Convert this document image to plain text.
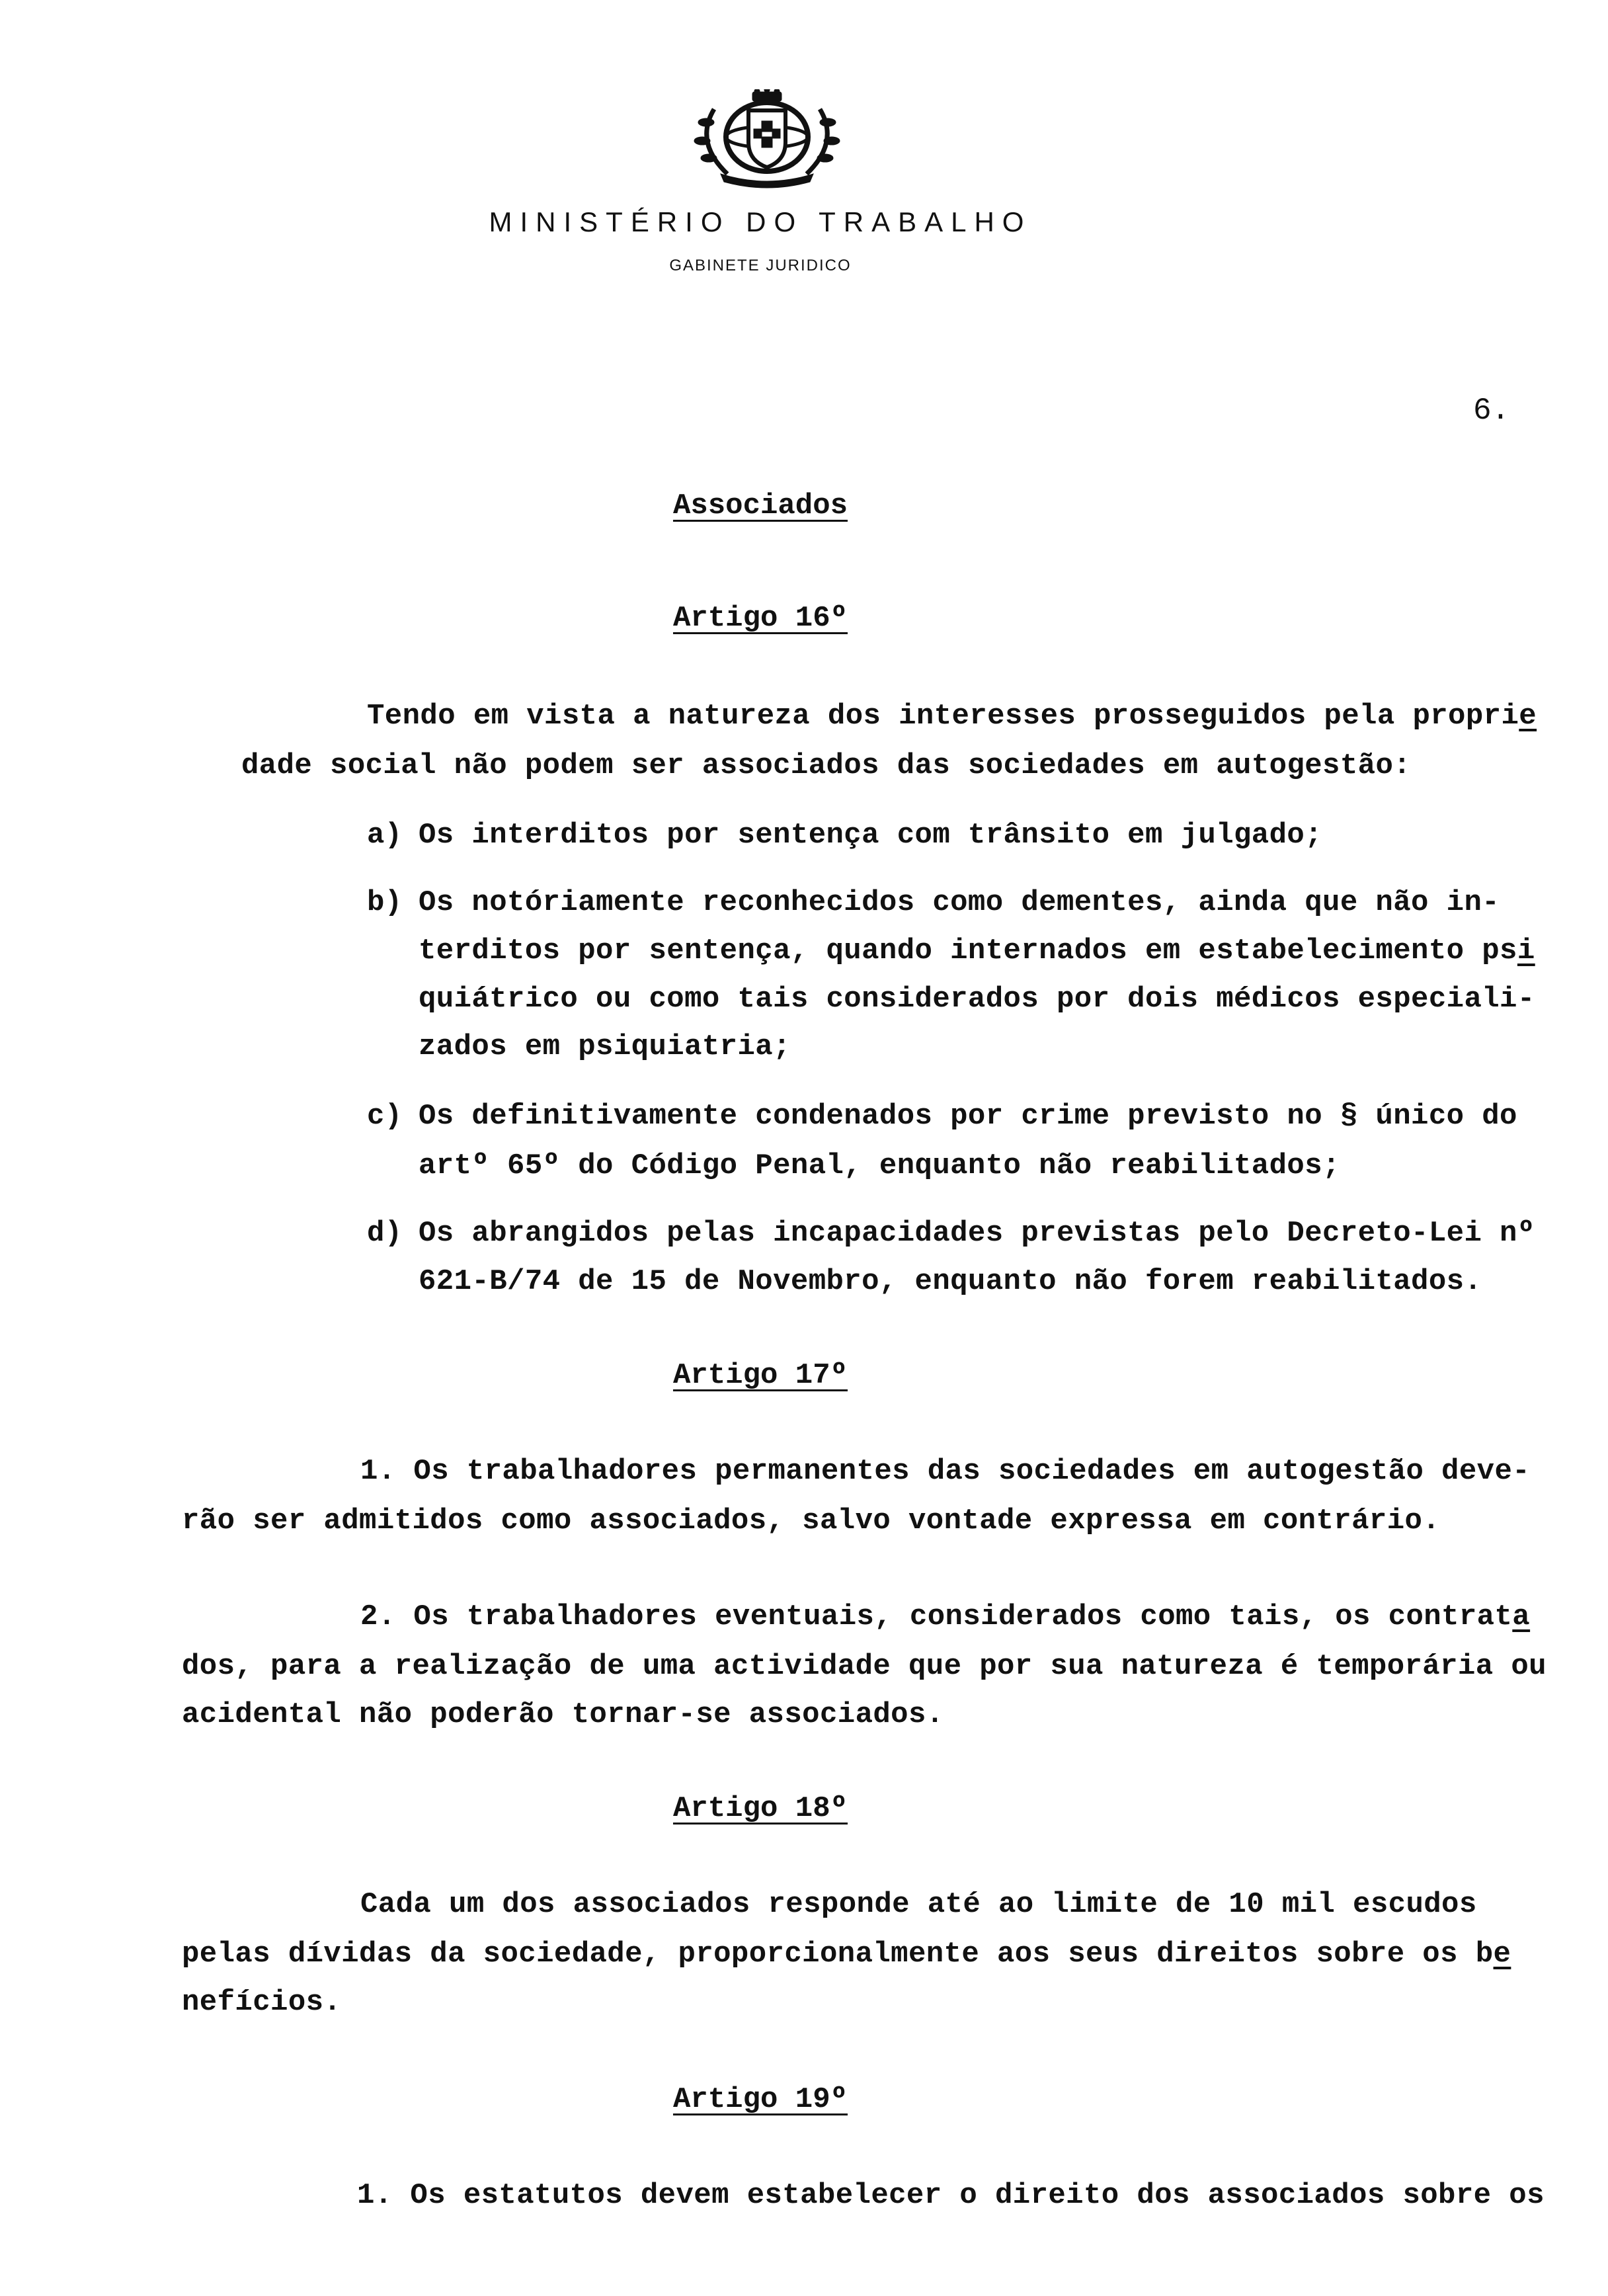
MINISTÉRIO DO TRABALHO
GABINETE JURIDICO
6.
Associados
Artigo 16º
Tendo em vista a natureza dos interesses prosseguidos pela proprie
dade social não podem ser associados das sociedades em autogestão:
a) Os interditos por sentença com trânsito em julgado;
b) Os notóriamente reconhecidos como dementes, ainda que não in-
terditos por sentença, quando internados em estabelecimento psi
quiátrico ou como tais considerados por dois médicos especiali-
zados em psiquiatria;
c) Os definitivamente condenados por crime previsto no § único do
artº 65º do Código Penal, enquanto não reabilitados;
d) Os abrangidos pelas incapacidades previstas pelo Decreto-Lei nº
621-B/74 de 15 de Novembro, enquanto não forem reabilitados.
Artigo 17º
1. Os trabalhadores permanentes das sociedades em autogestão deve-
rão ser admitidos como associados, salvo vontade expressa em contrário.
2. Os trabalhadores eventuais, considerados como tais, os contrata
dos, para a realização de uma actividade que por sua natureza é temporária ou
acidental não poderão tornar-se associados.
Artigo 18º
Cada um dos associados responde até ao limite de 10 mil escudos
pelas dívidas da sociedade, proporcionalmente aos seus direitos sobre os be
nefícios.
Artigo 19º
1. Os estatutos devem estabelecer o direito dos associados sobre os
